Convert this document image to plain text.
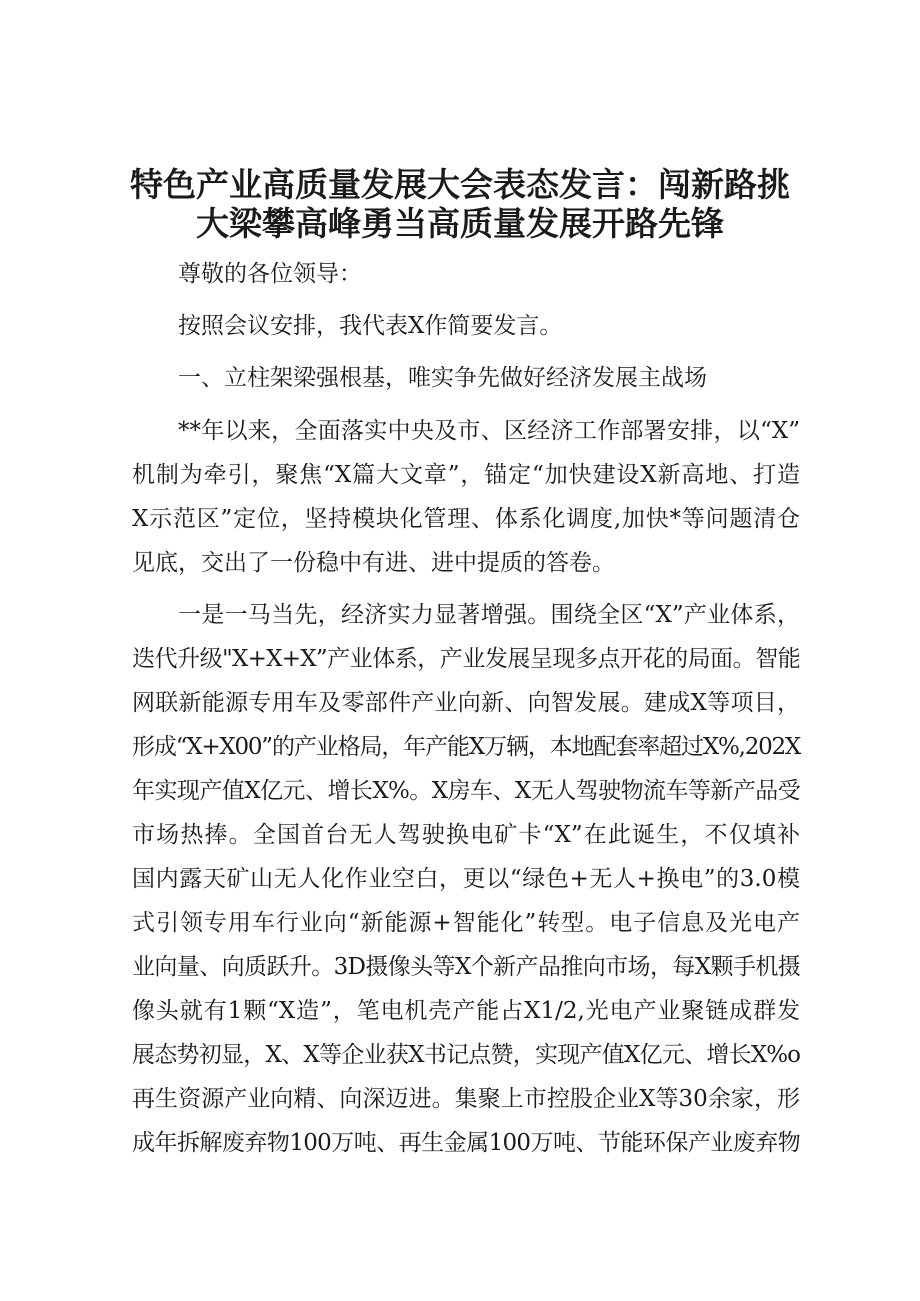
特色产业高质量发展大会表态发言：闯新路挑
大梁攀高峰勇当高质量发展开路先锋
尊敬的各位领导：
按照会议安排，我代表X作简要发言。
一、立柱架梁强根基，唯实争先做好经济发展主战场
**年以来，全面落实中央及市、区经济工作部署安排，以“X”
机制为牵引，聚焦“X篇大文章”，锚定“加快建设X新高地、打造
X示范区”定位，坚持模块化管理、体系化调度,加快*等问题清仓
见底，交出了一份稳中有进、进中提质的答卷。
一是一马当先，经济实力显著增强。围绕全区“X”产业体系，
迭代升级"X+X+X”产业体系，产业发展呈现多点开花的局面。智能
网联新能源专用车及零部件产业向新、向智发展。建成X等项目，
形成“X+X00”的产业格局，年产能X万辆，本地配套率超过X%,202X
年实现产值X亿元、增长X%。X房车、X无人驾驶物流车等新产品受
市场热捧。全国首台无人驾驶换电矿卡“X”在此诞生，不仅填补
国内露天矿山无人化作业空白，更以“绿色+无人+换电”的3.0模
式引领专用车行业向“新能源+智能化”转型。电子信息及光电产
业向量、向质跃升。3D摄像头等X个新产品推向市场，每X颗手机摄
像头就有1颗“X造”，笔电机壳产能占X1/2,光电产业聚链成群发
展态势初显，X、X等企业获X书记点赞，实现产值X亿元、增长X%o
再生资源产业向精、向深迈进。集聚上市控股企业X等30余家，形
成年拆解废弃物100万吨、再生金属100万吨、节能环保产业废弃物
